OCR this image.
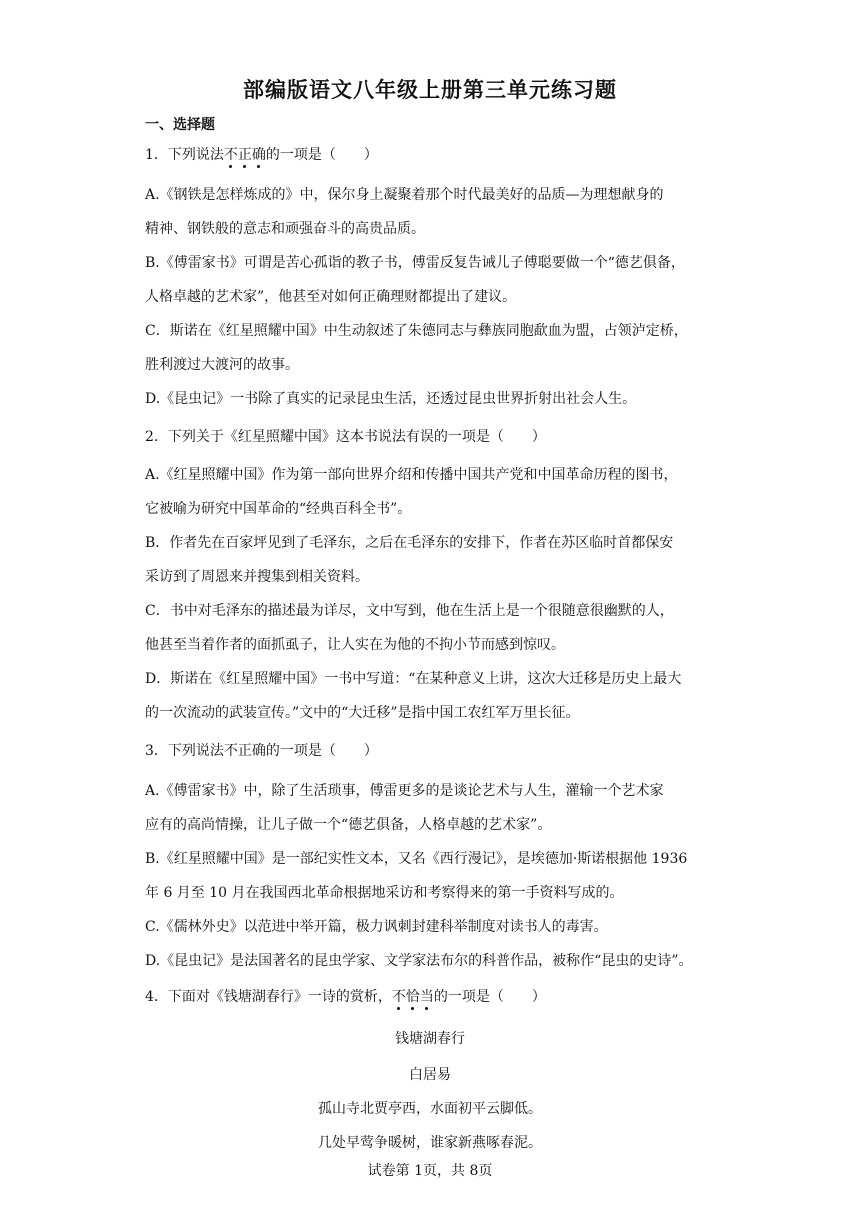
部编版语文八年级上册第三单元练习题
一、选择题
1．下列说法不正确的一项是（　　）
A.《钢铁是怎样炼成的》中，保尔身上凝聚着那个时代最美好的品质—为理想献身的
精神、钢铁般的意志和顽强奋斗的高贵品质。
B.《傅雷家书》可谓是苦心孤诣的教子书，傅雷反复告诫儿子傅聪要做一个“德艺俱备，
人格卓越的艺术家”，他甚至对如何正确理财都提出了建议。
C．斯诺在《红星照耀中国》中生动叙述了朱德同志与彝族同胞歃血为盟，占领泸定桥，
胜利渡过大渡河的故事。
D.《昆虫记》一书除了真实的记录昆虫生活，还透过昆虫世界折射出社会人生。
2．下列关于《红星照耀中国》这本书说法有误的一项是（　　）
A.《红星照耀中国》作为第一部向世界介绍和传播中国共产党和中国革命历程的图书，
它被喻为研究中国革命的“经典百科全书”。
B．作者先在百家坪见到了毛泽东，之后在毛泽东的安排下，作者在苏区临时首都保安
采访到了周恩来并搜集到相关资料。
C．书中对毛泽东的描述最为详尽，文中写到，他在生活上是一个很随意很幽默的人，
他甚至当着作者的面抓虱子，让人实在为他的不拘小节而感到惊叹。
D．斯诺在《红星照耀中国》一书中写道：“在某种意义上讲，这次大迁移是历史上最大
的一次流动的武装宣传。”文中的“大迁移”是指中国工农红军万里长征。
3．下列说法不正确的一项是（　　）
A.《傅雷家书》中，除了生活琐事，傅雷更多的是谈论艺术与人生，灌输一个艺术家
应有的高尚情操，让儿子做一个“德艺俱备，人格卓越的艺术家”。
B.《红星照耀中国》是一部纪实性文本，又名《西行漫记》，是埃德加·斯诺根据他 1936
年 6 月至 10 月在我国西北革命根据地采访和考察得来的第一手资料写成的。
C.《儒林外史》以范进中举开篇，极力讽刺封建科举制度对读书人的毒害。
D.《昆虫记》是法国著名的昆虫学家、文学家法布尔的科普作品，被称作“昆虫的史诗”。
4．下面对《钱塘湖春行》一诗的赏析，不恰当的一项是（　　）
钱塘湖春行
白居易
孤山寺北贾亭西，水面初平云脚低。
几处早莺争暖树，谁家新燕啄春泥。
试卷第 1页，共 8页
